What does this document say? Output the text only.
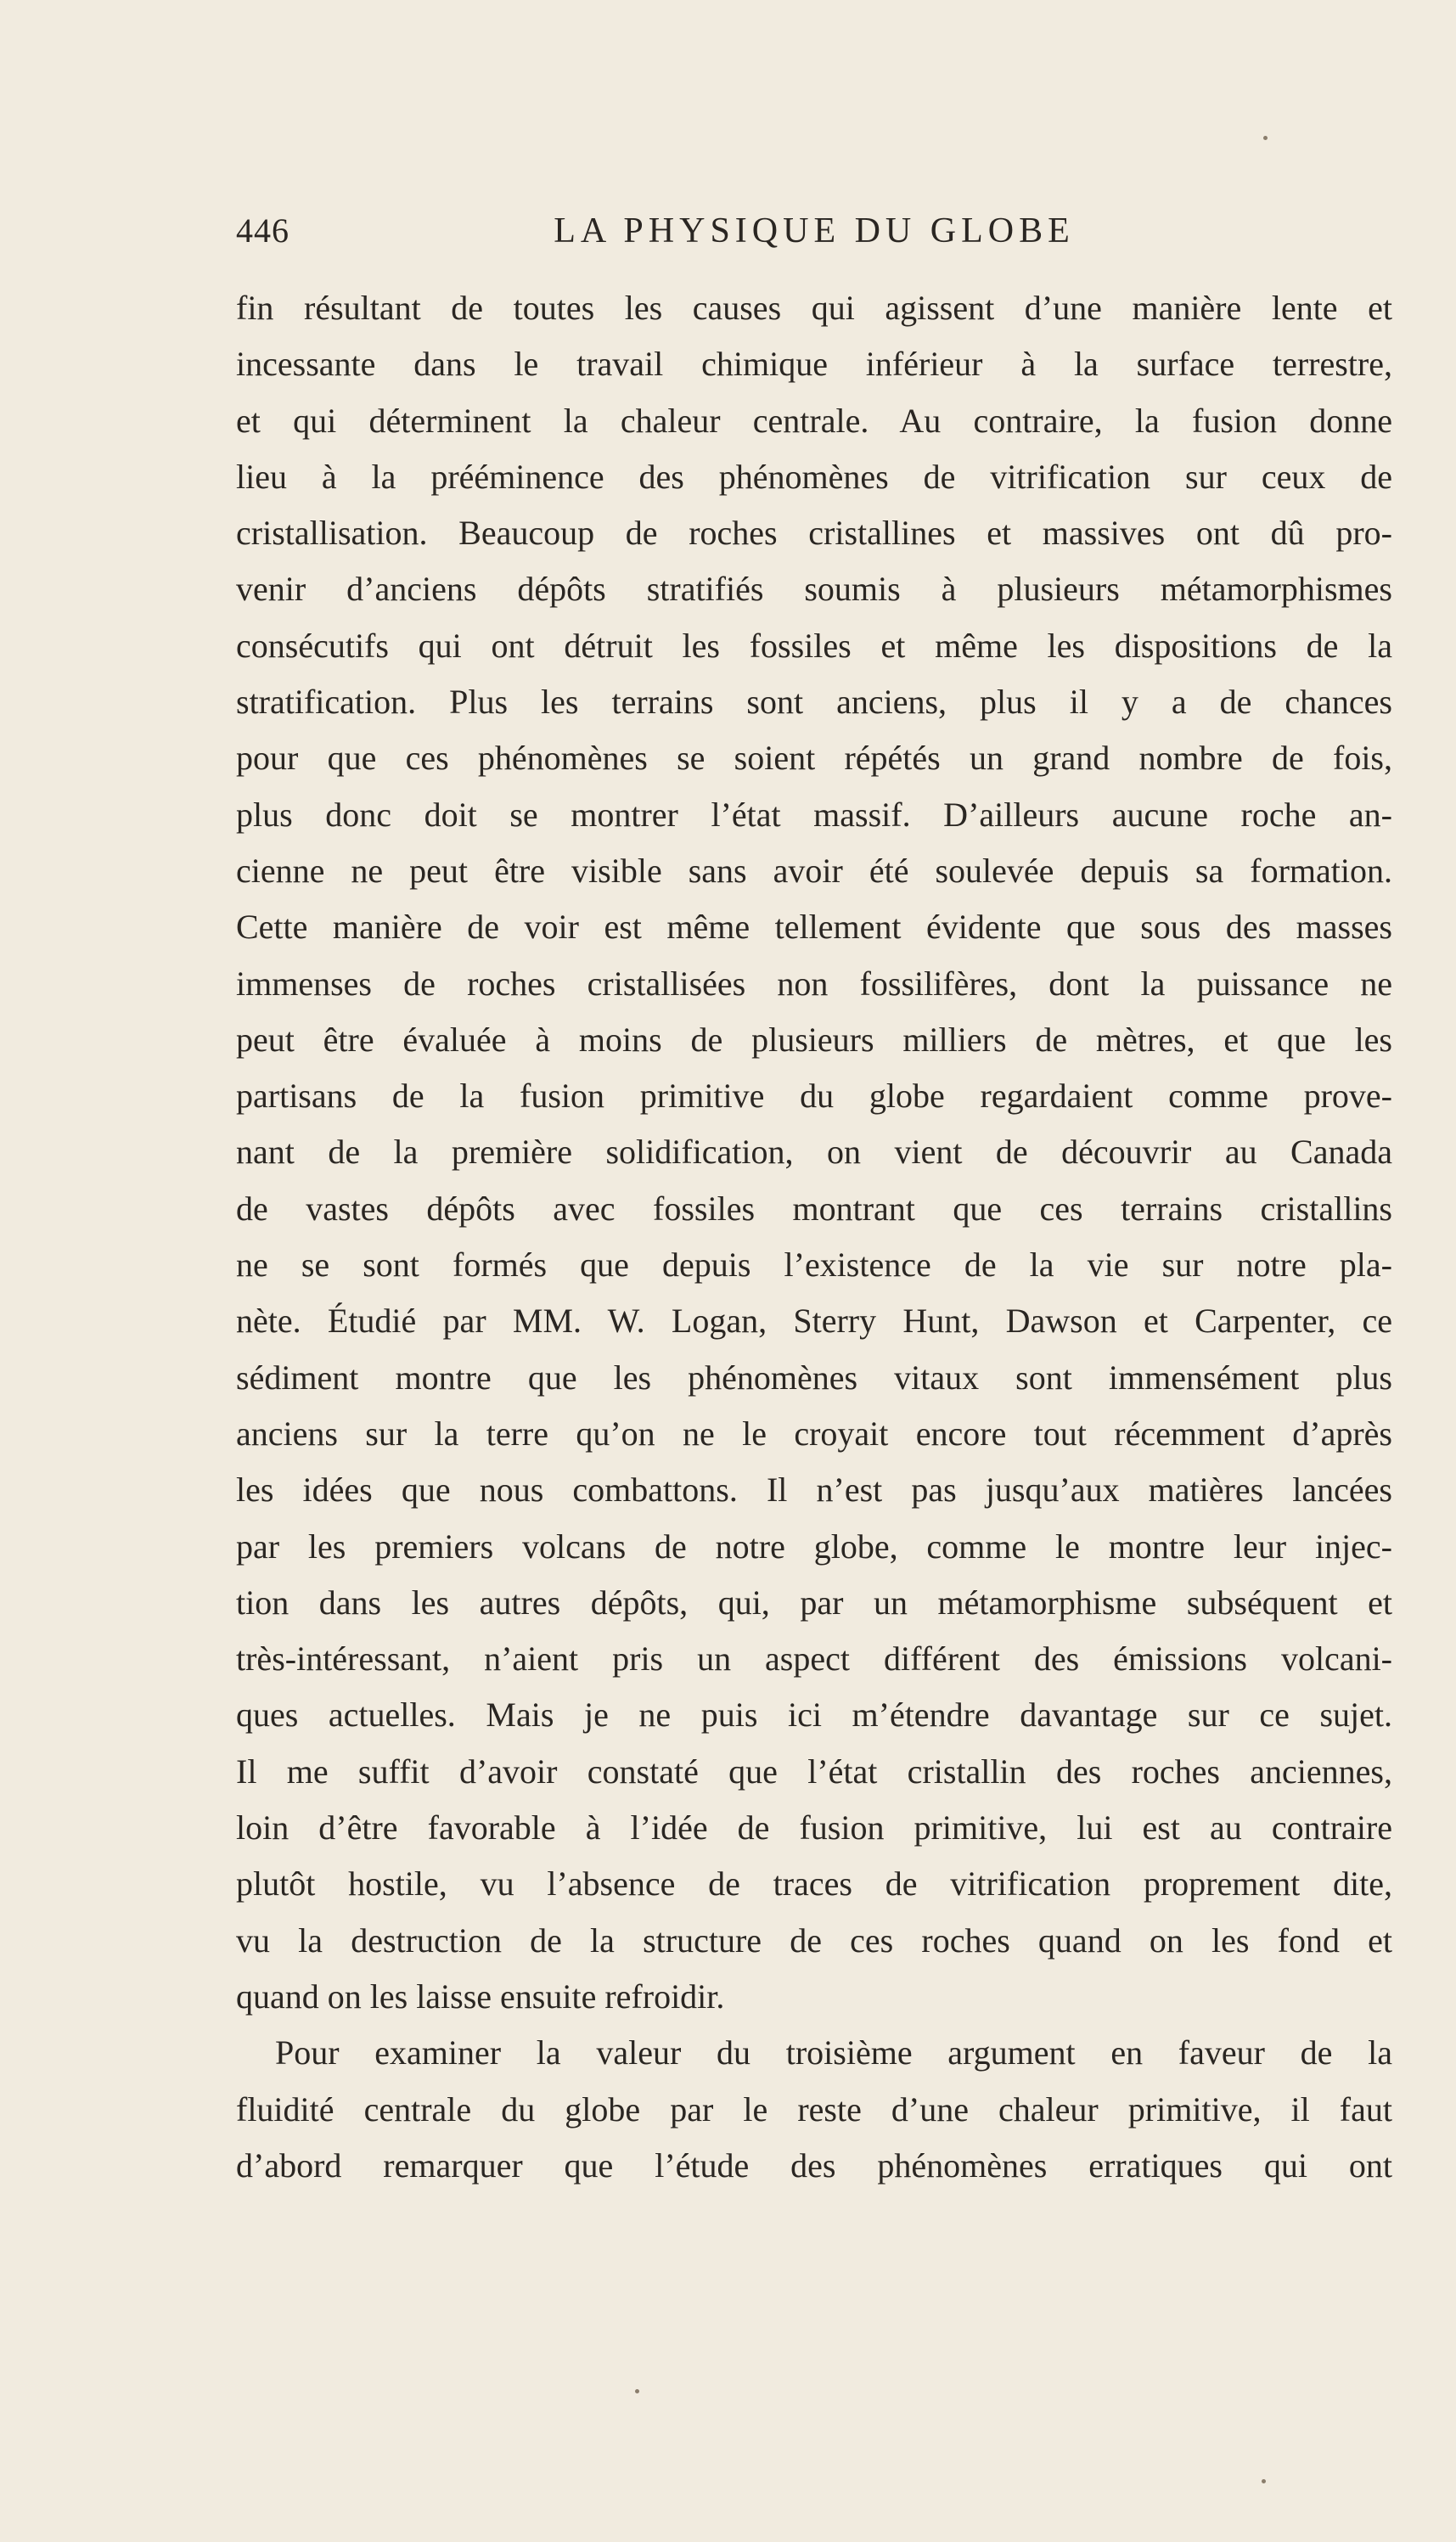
446	LA PHYSIQUE DU GLOBE
fin résultant de toutes les causes qui agissent d’une manière lente et
incessante dans le travail chimique inférieur à la surface terrestre,
et qui déterminent la chaleur centrale. Au contraire, la fusion donne
lieu à la prééminence des phénomènes de vitrification sur ceux de
cristallisation. Beaucoup de roches cristallines et massives ont dû pro-
venir d’anciens dépôts stratifiés soumis à plusieurs métamorphismes
consécutifs qui ont détruit les fossiles et même les dispositions de la
stratification. Plus les terrains sont anciens, plus il y a de chances
pour que ces phénomènes se soient répétés un grand nombre de fois,
plus donc doit se montrer l’état massif. D’ailleurs aucune roche an-
cienne ne peut être visible sans avoir été soulevée depuis sa formation.
Cette manière de voir est même tellement évidente que sous des masses
immenses de roches cristallisées non fossilifères, dont la puissance ne
peut être évaluée à moins de plusieurs milliers de mètres, et que les
partisans de la fusion primitive du globe regardaient comme prove-
nant de la première solidification, on vient de découvrir au Canada
de vastes dépôts avec fossiles montrant que ces terrains cristallins
ne se sont formés que depuis l’existence de la vie sur notre pla-
nète. Étudié par MM. W. Logan, Sterry Hunt, Dawson et Carpenter, ce
sédiment montre que les phénomènes vitaux sont immensément plus
anciens sur la terre qu’on ne le croyait encore tout récemment d’après
les idées que nous combattons. Il n’est pas jusqu’aux matières lancées
par les premiers volcans de notre globe, comme le montre leur injec-
tion dans les autres dépôts, qui, par un métamorphisme subséquent et
très-intéressant, n’aient pris un aspect différent des émissions volcani-
ques actuelles. Mais je ne puis ici m’étendre davantage sur ce sujet.
Il me suffit d’avoir constaté que l’état cristallin des roches anciennes,
loin d’être favorable à l’idée de fusion primitive, lui est au contraire
plutôt hostile, vu l’absence de traces de vitrification proprement dite,
vu la destruction de la structure de ces roches quand on les fond et
quand on les laisse ensuite refroidir.
Pour examiner la valeur du troisième argument en faveur de la
fluidité centrale du globe par le reste d’une chaleur primitive, il faut
d’abord remarquer que l’étude des phénomènes erratiques qui ont
